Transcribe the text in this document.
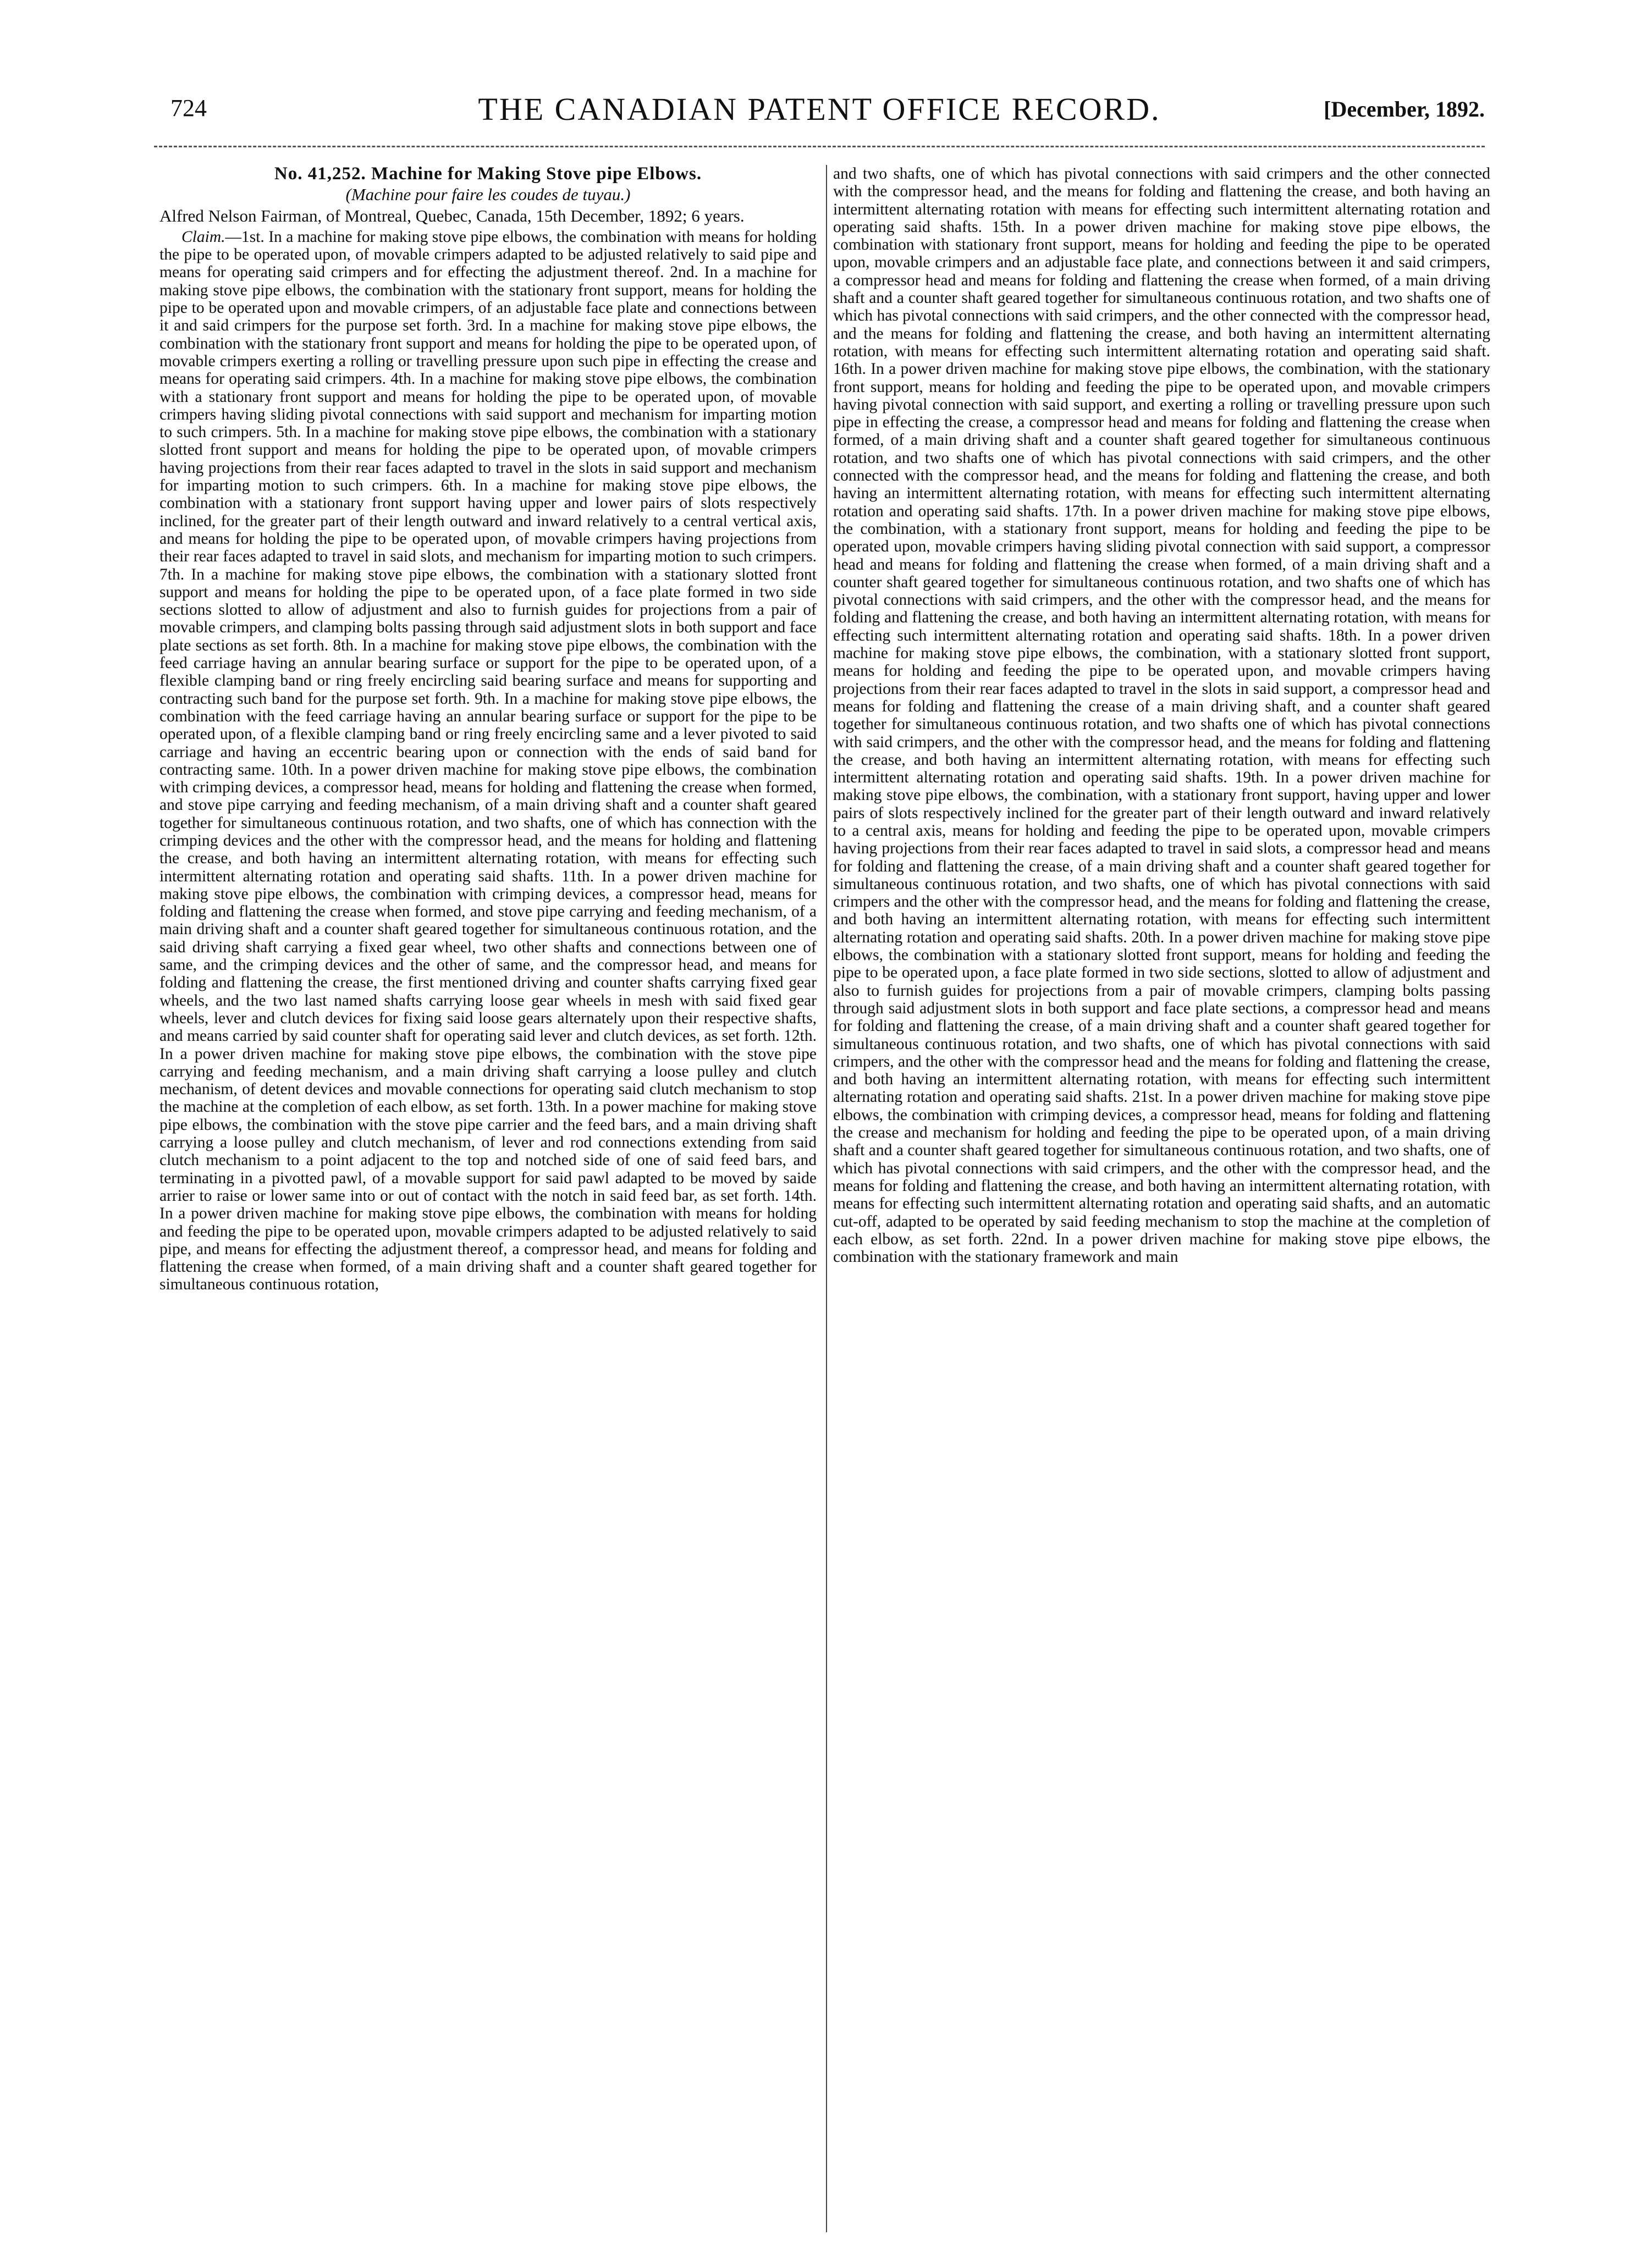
724	THE CANADIAN PATENT OFFICE RECORD.	[December, 1892.
No. 41,252. Machine for Making Stove pipe Elbows.
(Machine pour faire les coudes de tuyau.)
Alfred Nelson Fairman, of Montreal, Quebec, Canada, 15th December, 1892; 6 years.

Claim.—1st. In a machine for making stove pipe elbows, the combination with means for holding the pipe to be operated upon, of movable crimpers adapted to be adjusted relatively to said pipe and means for operating said crimpers and for effecting the adjustment thereof. 2nd. In a machine for making stove pipe elbows, the combination with the stationary front support, means for holding the pipe to be operated upon and movable crimpers, of an adjustable face plate and connections between it and said crimpers for the purpose set forth. 3rd. In a machine for making stove pipe elbows, the combination with the stationary front support and means for holding the pipe to be operated upon, of movable crimpers exerting a rolling or travelling pressure upon such pipe in effecting the crease and means for operating said crimpers. 4th. In a machine for making stove pipe elbows, the combination with a stationary front support and means for holding the pipe to be operated upon, of movable crimpers having sliding pivotal connections with said support and mechanism for imparting motion to such crimpers. 5th. In a machine for making stove pipe elbows, the combination with a stationary slotted front support and means for holding the pipe to be operated upon, of movable crimpers having projections from their rear faces adapted to travel in the slots in said support and mechanism for imparting motion to such crimpers. 6th. In a machine for making stove pipe elbows, the combination with a stationary front support having upper and lower pairs of slots respectively inclined, for the greater part of their length outward and inward relatively to a central vertical axis, and means for holding the pipe to be operated upon, of movable crimpers having projections from their rear faces adapted to travel in said slots, and mechanism for imparting motion to such crimpers. 7th. In a machine for making stove pipe elbows, the combination with a stationary slotted front support and means for holding the pipe to be operated upon, of a face plate formed in two side sections slotted to allow of adjustment and also to furnish guides for projections from a pair of movable crimpers, and clamping bolts passing through said adjustment slots in both support and face plate sections as set forth. 8th. In a machine for making stove pipe elbows, the combination with the feed carriage having an annular bearing surface or support for the pipe to be operated upon, of a flexible clamping band or ring freely encircling said bearing surface and means for supporting and contracting such band for the purpose set forth. 9th. In a machine for making stove pipe elbows, the combination with the feed carriage having an annular bearing surface or support for the pipe to be operated upon, of a flexible clamping band or ring freely encircling same and a lever pivoted to said carriage and having an eccentric bearing upon or connection with the ends of said band for contracting same. 10th. In a power driven machine for making stove pipe elbows, the combination with crimping devices, a compressor head, means for holding and flattening the crease when formed, and stove pipe carrying and feeding mechanism, of a main driving shaft and a counter shaft geared together for simultaneous continuous rotation, and two shafts, one of which has connection with the crimping devices and the other with the compressor head, and the means for holding and flattening the crease, and both having an intermittent alternating rotation, with means for effecting such intermittent alternating rotation and operating said shafts. 11th. In a power driven machine for making stove pipe elbows, the combination with crimping devices, a compressor head, means for folding and flattening the crease when formed, and stove pipe carrying and feeding mechanism, of a main driving shaft and a counter shaft geared together for simultaneous continuous rotation, and the said driving shaft carrying a fixed gear wheel, two other shafts and connections between one of same, and the crimping devices and the other of same, and the compressor head, and means for folding and flattening the crease, the first mentioned driving and counter shafts carrying fixed gear wheels, and the two last named shafts carrying loose gear wheels in mesh with said fixed gear wheels, lever and clutch devices for fixing said loose gears alternately upon their respective shafts, and means carried by said counter shaft for operating said lever and clutch devices, as set forth. 12th. In a power driven machine for making stove pipe elbows, the combination with the stove pipe carrying and feeding mechanism, and a main driving shaft carrying a loose pulley and clutch mechanism, of detent devices and movable connections for operating said clutch mechanism to stop the machine at the completion of each elbow, as set forth. 13th. In a power machine for making stove pipe elbows, the combination with the stove pipe carrier and the feed bars, and a main driving shaft carrying a loose pulley and clutch mechanism, of lever and rod connections extending from said clutch mechanism to a point adjacent to the top and notched side of one of said feed bars, and terminating in a pivotted pawl, of a movable support for said pawl adapted to be moved by saide arrier to raise or lower same into or out of contact with the notch in said feed bar, as set forth. 14th. In a power driven machine for making stove pipe elbows, the combination with means for holding and feeding the pipe to be operated upon, movable crimpers adapted to be adjusted relatively to said pipe, and means for effecting the adjustment thereof, a compressor head, and means for folding and flattening the crease when formed, of a main driving shaft and a counter shaft geared together for simultaneous continuous rotation,

and two shafts, one of which has pivotal connections with said crimpers and the other connected with the compressor head, and the means for folding and flattening the crease, and both having an intermittent alternating rotation with means for effecting such intermittent alternating rotation and operating said shafts. 15th. In a power driven machine for making stove pipe elbows, the combination with stationary front support, means for holding and feeding the pipe to be operated upon, movable crimpers and an adjustable face plate, and connections between it and said crimpers, a compressor head and means for folding and flattening the crease when formed, of a main driving shaft and a counter shaft geared together for simultaneous continuous rotation, and two shafts one of which has pivotal connections with said crimpers, and the other connected with the compressor head, and the means for folding and flattening the crease, and both having an intermittent alternating rotation, with means for effecting such intermittent alternating rotation and operating said shaft. 16th. In a power driven machine for making stove pipe elbows, the combination, with the stationary front support, means for holding and feeding the pipe to be operated upon, and movable crimpers having pivotal connection with said support, and exerting a rolling or travelling pressure upon such pipe in effecting the crease, a compressor head and means for folding and flattening the crease when formed, of a main driving shaft and a counter shaft geared together for simultaneous continuous rotation, and two shafts one of which has pivotal connections with said crimpers, and the other connected with the compressor head, and the means for folding and flattening the crease, and both having an intermittent alternating rotation, with means for effecting such intermittent alternating rotation and operating said shafts. 17th. In a power driven machine for making stove pipe elbows, the combination, with a stationary front support, means for holding and feeding the pipe to be operated upon, movable crimpers having sliding pivotal connection with said support, a compressor head and means for folding and flattening the crease when formed, of a main driving shaft and a counter shaft geared together for simultaneous continuous rotation, and two shafts one of which has pivotal connections with said crimpers, and the other with the compressor head, and the means for folding and flattening the crease, and both having an intermittent alternating rotation, with means for effecting such intermittent alternating rotation and operating said shafts. 18th. In a power driven machine for making stove pipe elbows, the combination, with a stationary slotted front support, means for holding and feeding the pipe to be operated upon, and movable crimpers having projections from their rear faces adapted to travel in the slots in said support, a compressor head and means for folding and flattening the crease of a main driving shaft, and a counter shaft geared together for simultaneous continuous rotation, and two shafts one of which has pivotal connections with said crimpers, and the other with the compressor head, and the means for folding and flattening the crease, and both having an intermittent alternating rotation, with means for effecting such intermittent alternating rotation and operating said shafts. 19th. In a power driven machine for making stove pipe elbows, the combination, with a stationary front support, having upper and lower pairs of slots respectively inclined for the greater part of their length outward and inward relatively to a central axis, means for holding and feeding the pipe to be operated upon, movable crimpers having projections from their rear faces adapted to travel in said slots, a compressor head and means for folding and flattening the crease, of a main driving shaft and a counter shaft geared together for simultaneous continuous rotation, and two shafts, one of which has pivotal connections with said crimpers and the other with the compressor head, and the means for folding and flattening the crease, and both having an intermittent alternating rotation, with means for effecting such intermittent alternating rotation and operating said shafts. 20th. In a power driven machine for making stove pipe elbows, the combination with a stationary slotted front support, means for holding and feeding the pipe to be operated upon, a face plate formed in two side sections, slotted to allow of adjustment and also to furnish guides for projections from a pair of movable crimpers, clamping bolts passing through said adjustment slots in both support and face plate sections, a compressor head and means for folding and flattening the crease, of a main driving shaft and a counter shaft geared together for simultaneous continuous rotation, and two shafts, one of which has pivotal connections with said crimpers, and the other with the compressor head and the means for folding and flattening the crease, and both having an intermittent alternating rotation, with means for effecting such intermittent alternating rotation and operating said shafts. 21st. In a power driven machine for making stove pipe elbows, the combination with crimping devices, a compressor head, means for folding and flattening the crease and mechanism for holding and feeding the pipe to be operated upon, of a main driving shaft and a counter shaft geared together for simultaneous continuous rotation, and two shafts, one of which has pivotal connections with said crimpers, and the other with the compressor head, and the means for folding and flattening the crease, and both having an intermittent alternating rotation, with means for effecting such intermittent alternating rotation and operating said shafts, and an automatic cut-off, adapted to be operated by said feeding mechanism to stop the machine at the completion of each elbow, as set forth. 22nd. In a power driven machine for making stove pipe elbows, the combination with the stationary framework and main
